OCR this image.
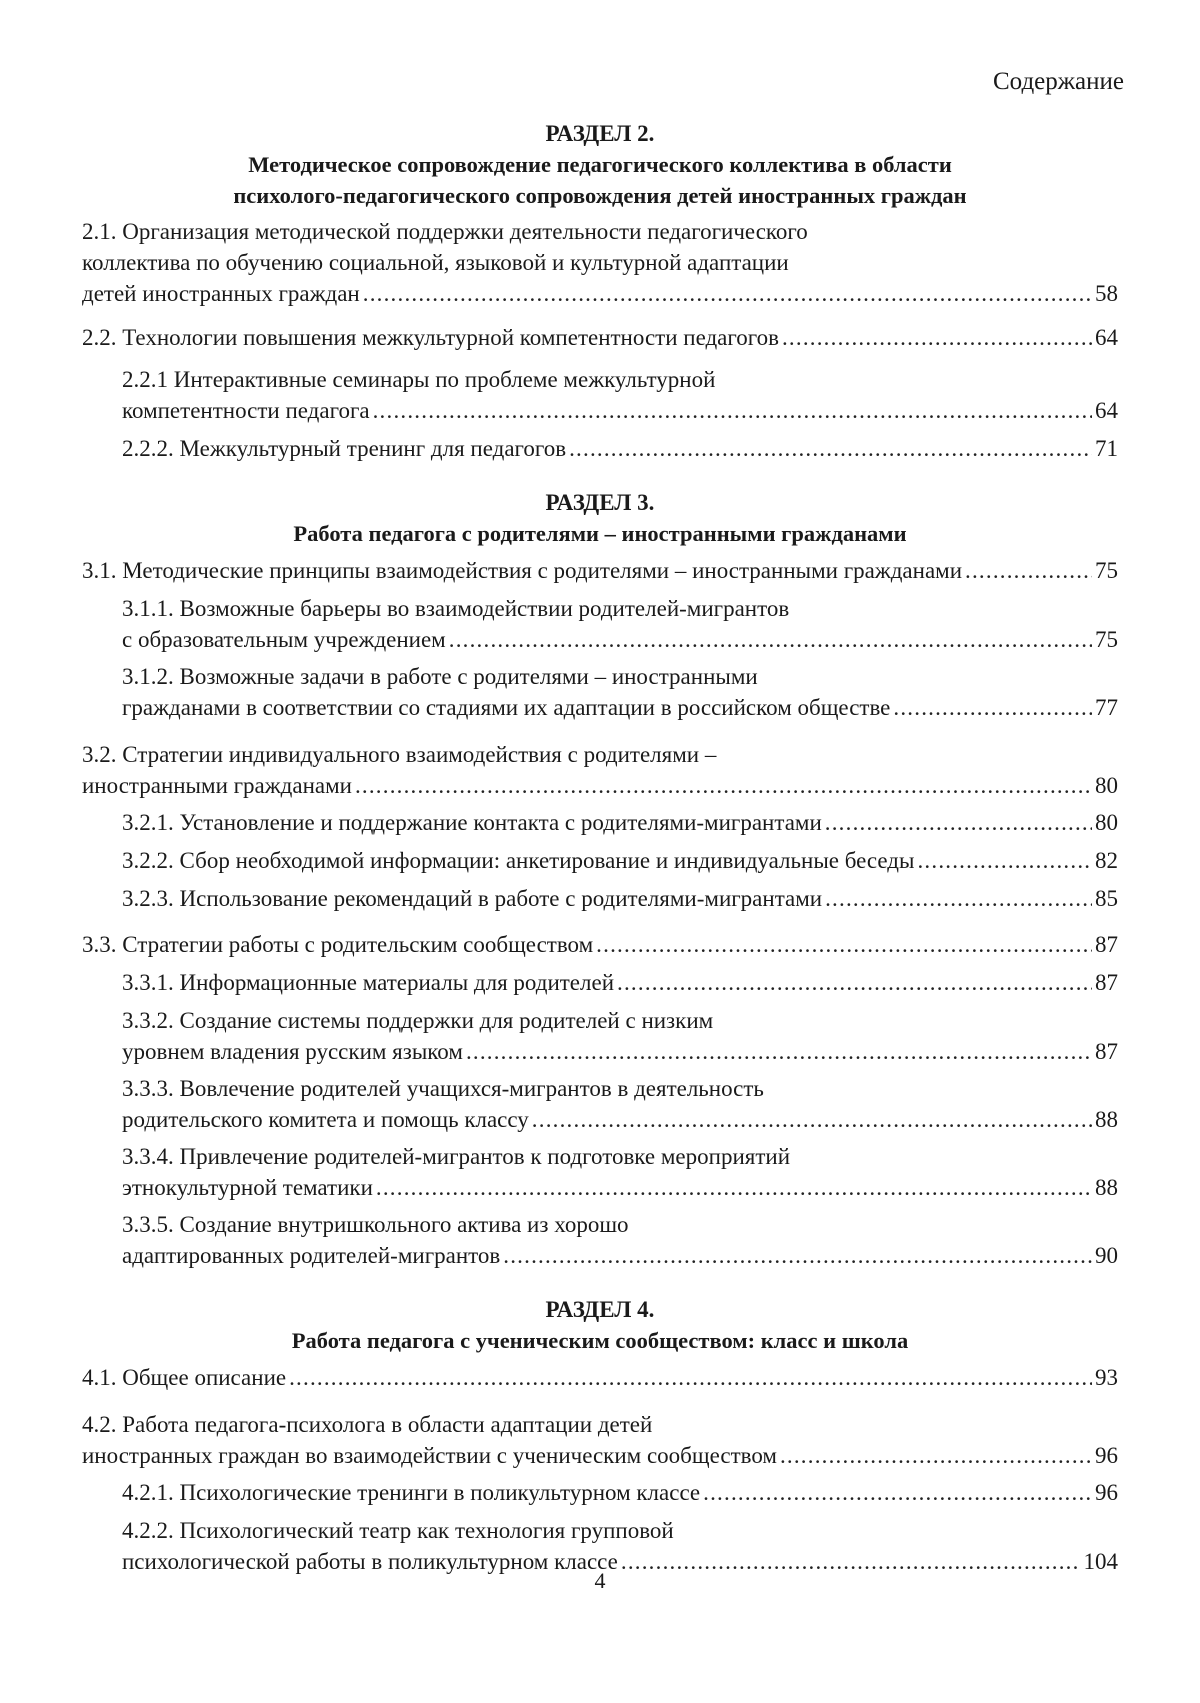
Содержание
РАЗДЕЛ 2.
Методическое сопровождение педагогического коллектива в области
психолого-педагогического сопровождения детей иностранных граждан
2.1. Организация методической поддержки деятельности педагогического
коллектива по обучению социальной, языковой и культурной адаптации
детей иностранных граждан .....	58
2.2. Технологии повышения межкультурной компетентности педагогов .....	64
2.2.1 Интерактивные семинары по проблеме межкультурной
компетентности педагога .....	64
2.2.2. Межкультурный тренинг для педагогов .....	71
РАЗДЕЛ 3.
Работа педагога с родителями – иностранными гражданами
3.1. Методические принципы взаимодействия с родителями – иностранными гражданами .....	75
3.1.1. Возможные барьеры во взаимодействии родителей-мигрантов
с образовательным учреждением .....	75
3.1.2. Возможные задачи в работе с родителями – иностранными
гражданами в соответствии со стадиями их адаптации в российском обществе .....	77
3.2. Стратегии индивидуального взаимодействия с родителями –
иностранными гражданами .....	80
3.2.1. Установление и поддержание контакта с родителями-мигрантами .....	80
3.2.2. Сбор необходимой информации: анкетирование и индивидуальные беседы .....	82
3.2.3. Использование рекомендаций в работе с родителями-мигрантами .....	85
3.3. Стратегии работы с родительским сообществом .....	87
3.3.1. Информационные материалы для родителей .....	87
3.3.2. Создание системы поддержки для родителей с низким
уровнем владения русским языком .....	87
3.3.3. Вовлечение родителей учащихся-мигрантов в деятельность
родительского комитета и помощь классу .....	88
3.3.4. Привлечение родителей-мигрантов к подготовке мероприятий
этнокультурной тематики .....	88
3.3.5. Создание внутришкольного актива из хорошо
адаптированных родителей-мигрантов .....	90
РАЗДЕЛ 4.
Работа педагога с ученическим сообществом: класс и школа
4.1. Общее описание .....	93
4.2. Работа педагога-психолога в области адаптации детей
иностранных граждан во взаимодействии с ученическим сообществом .....	96
4.2.1. Психологические тренинги в поликультурном классе .....	96
4.2.2. Психологический театр как технология групповой
психологической работы в поликультурном классе .....	104
4
